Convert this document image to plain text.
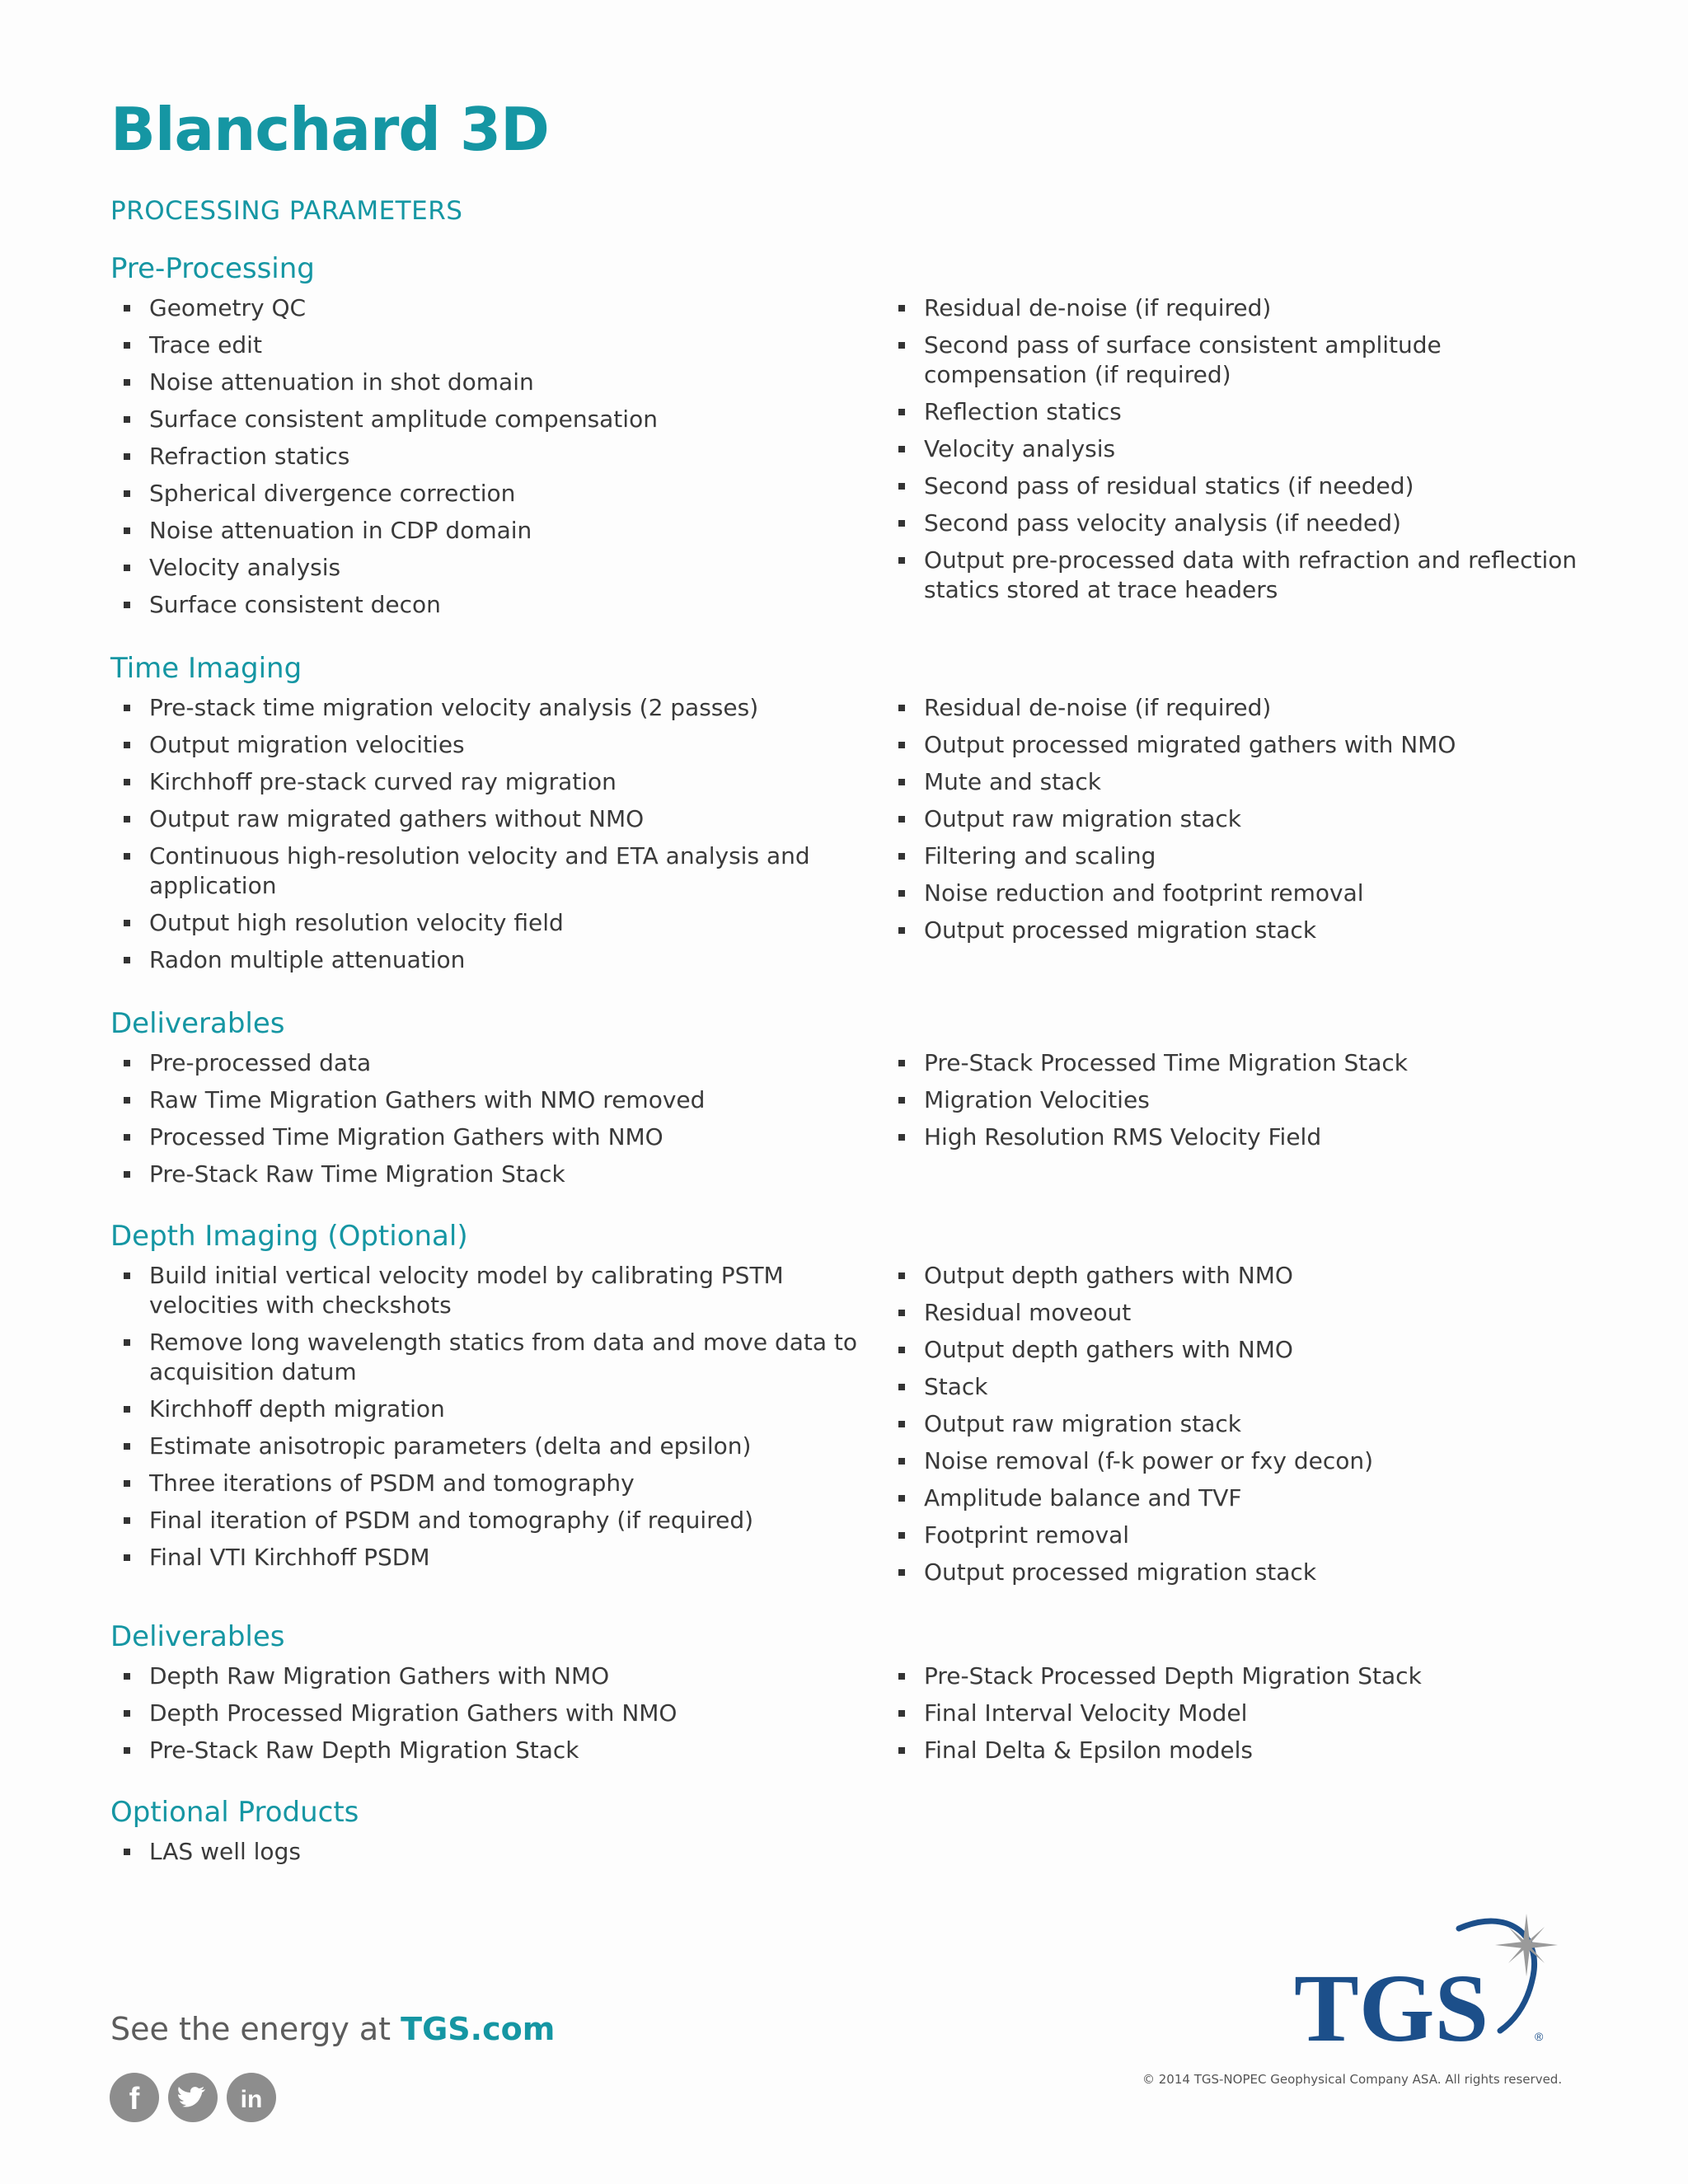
Blanchard 3D
PROCESSING PARAMETERS
Pre-Processing
Geometry QC
Trace edit
Noise attenuation in shot domain
Surface consistent amplitude compensation
Refraction statics
Spherical divergence correction
Noise attenuation in CDP domain
Velocity analysis
Surface consistent decon
Residual de-noise (if required)
Second pass of surface consistent amplitude compensation (if required)
Reflection statics
Velocity analysis
Second pass of residual statics (if needed)
Second pass velocity analysis (if needed)
Output pre-processed data with refraction and reflection statics stored at trace headers
Time Imaging
Pre-stack time migration velocity analysis (2 passes)
Output migration velocities
Kirchhoff pre-stack curved ray migration
Output raw migrated gathers without NMO
Continuous high-resolution velocity and ETA analysis and application
Output high resolution velocity field
Radon multiple attenuation
Residual de-noise (if required)
Output processed migrated gathers with NMO
Mute and stack
Output raw migration stack
Filtering and scaling
Noise reduction and footprint removal
Output processed migration stack
Deliverables
Pre-processed data
Raw Time Migration Gathers with NMO removed
Processed Time Migration Gathers with NMO
Pre-Stack Raw Time Migration Stack
Pre-Stack Processed Time Migration Stack
Migration Velocities
High Resolution RMS Velocity Field
Depth Imaging (Optional)
Build initial vertical velocity model by calibrating PSTM velocities with checkshots
Remove long wavelength statics from data and move data to acquisition datum
Kirchhoff depth migration
Estimate anisotropic parameters (delta and epsilon)
Three iterations of PSDM and tomography
Final iteration of PSDM and tomography (if required)
Final VTI Kirchhoff PSDM
Output depth gathers with NMO
Residual moveout
Output depth gathers with NMO
Stack
Output raw migration stack
Noise removal (f-k power or fxy decon)
Amplitude balance and TVF
Footprint removal
Output processed migration stack
Deliverables
Depth Raw Migration Gathers with NMO
Depth Processed Migration Gathers with NMO
Pre-Stack Raw Depth Migration Stack
Pre-Stack Processed Depth Migration Stack
Final Interval Velocity Model
Final Delta & Epsilon models
Optional Products
LAS well logs
See the energy at TGS.com
f	in
TGS	®
© 2014 TGS-NOPEC Geophysical Company ASA. All rights reserved.
